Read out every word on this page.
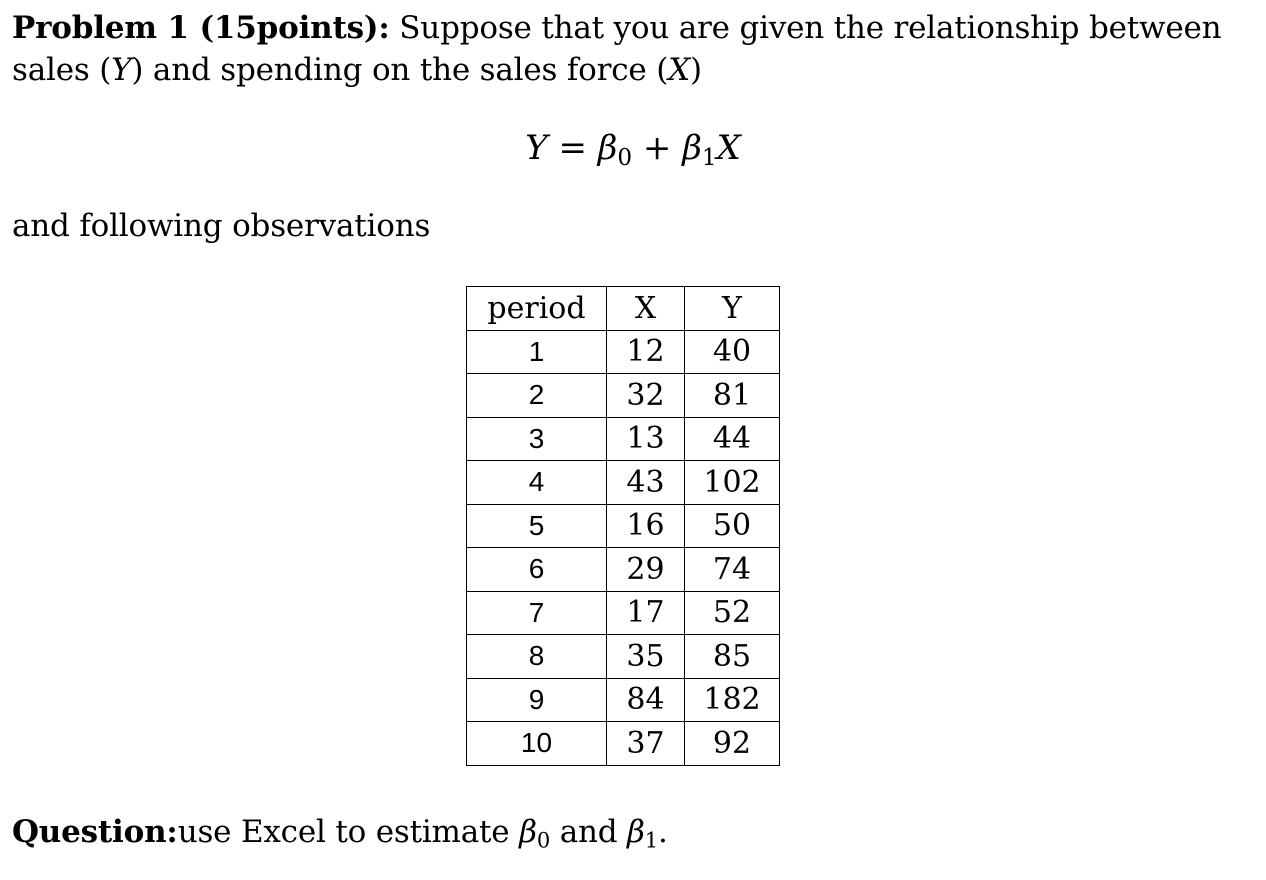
Problem 1 (15points): Suppose that you are given the relationship between
sales (Y) and spending on the sales force (X)
$Y = \beta_0 + \beta_1X$
and following observations
period	X	Y
1	12	40
2	32	81
3	13	44
4	43	102
5	16	50
6	29	74
7	17	52
8	35	85
9	84	182
10	37	92
Question:use Excel to estimate $\beta_0$ and $\beta_1$.
